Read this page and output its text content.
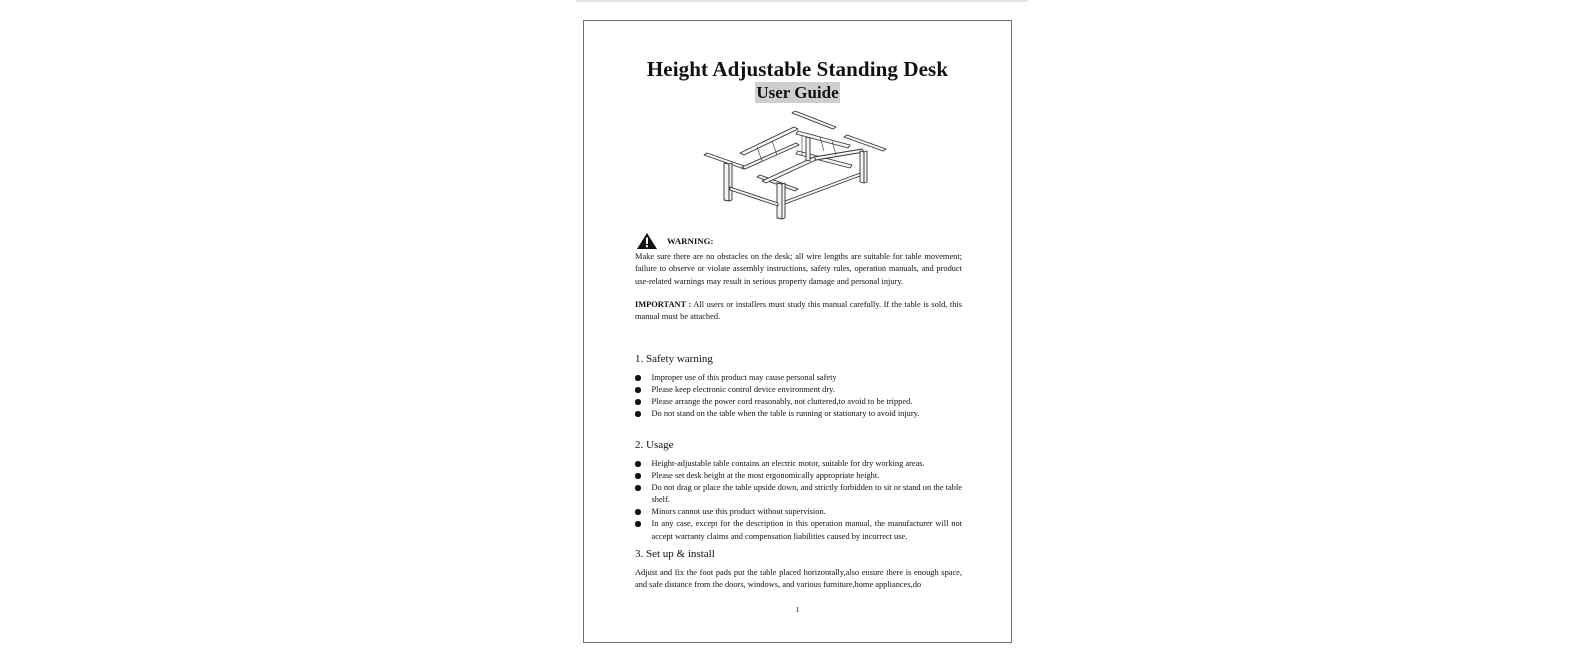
Height Adjustable Standing Desk
User Guide
WARNING:
Make sure there are no obstacles on the desk; all wire lengths are suitable for table movement; failure to observe or violate assembly instructions, safety rules, operation manuals, and product use-related warnings may result in serious property damage and personal injury.
IMPORTANT : All users or installers must study this manual carefully. If the table is sold, this manual must be attached.
1. Safety warning
Improper use of this product may cause personal safety
Please keep electronic control device environment dry.
Please arrange the power cord reasonably, not cluttered,to avoid to be tripped.
Do not stand on the table when the table is running or stationary to avoid injury.
2. Usage
Height-adjustable table contains an electric motor, suitable for dry working areas.
Please set desk height at the most ergonomically appropriate height.
Do not drag or place the table upside down, and strictly forbidden to sit or stand on the table shelf.
Minors cannot use this product without supervision.
In any case, except for the description in this operation manual, the manufacturer will not accept warranty claims and compensation liabilities caused by incorrect use.
3. Set up & install
Adjust and fix the foot pads put the table placed horizontally,also ensure there is enough space, and safe distance from the doors, windows, and various furniture,home appliances,do
1
